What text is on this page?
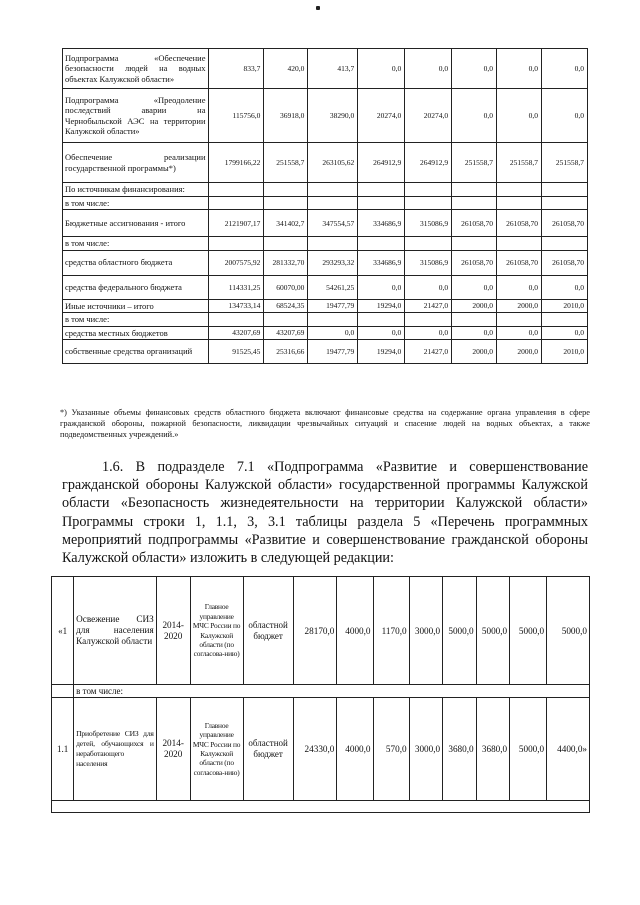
Подпрограмма «Обеспечение безопасности людей на водных объектах Калужской области»	833,7	420,0	413,7	0,0	0,0	0,0	0,0	0,0
Подпрограмма «Преодоление последствий аварии на Чернобыльской АЭС на территории Калужской области»	115756,0	36918,0	38290,0	20274,0	20274,0	0,0	0,0	0,0
Обеспечение реализации государственной программы*)	1799166,22	251558,7	263105,62	264912,9	264912,9	251558,7	251558,7	251558,7
По источникам финансирования:								
в том числе:								
Бюджетные ассигнования - итого	2121907,17	341402,7	347554,57	334686,9	315086,9	261058,70	261058,70	261058,70
в том числе:								
средства областного бюджета	2007575,92	281332,70	293293,32	334686,9	315086,9	261058,70	261058,70	261058,70
средства федерального бюджета	114331,25	60070,00	54261,25	0,0	0,0	0,0	0,0	0,0
Иные источники – итого	134733,14	68524,35	19477,79	19294,0	21427,0	2000,0	2000,0	2010,0
в том числе:								
средства местных бюджетов	43207,69	43207,69	0,0	0,0	0,0	0,0	0,0	0,0
собственные средства организаций	91525,45	25316,66	19477,79	19294,0	21427,0	2000,0	2000,0	2010,0
*) Указанные объемы финансовых средств областного бюджета включают финансовые средства на содержание органа управления в сфере гражданской обороны, пожарной безопасности, ликвидации чрезвычайных ситуаций и спасение людей на водных объектах, а также подведомственных учреждений.»
1.6. В подразделе 7.1 «Подпрограмма «Развитие и совершенствование гражданской обороны Калужской области» государственной программы Калужской области «Безопасность жизнедеятельности на территории Калужской области» Программы строки 1, 1.1, 3, 3.1 таблицы раздела 5 «Перечень программных мероприятий подпрограммы «Развитие и совершенствование гражданской обороны Калужской области» изложить в следующей редакции:
«1	Освежение СИЗ для населения Калужской области	2014-2020	Главное управление МЧС России по Калужской области (по согласова-нию)	областной бюджет	28170,0	4000,0	1170,0	3000,0	5000,0	5000,0	5000,0	5000,0
	в том числе:											
1.1	Приобретение СИЗ для детей, обучающихся и неработающего населения	2014-2020	Главное управление МЧС России по Калужской области (по согласова-нию)	областной бюджет	24330,0	4000,0	570,0	3000,0	3680,0	3680,0	5000,0	4400,0»
